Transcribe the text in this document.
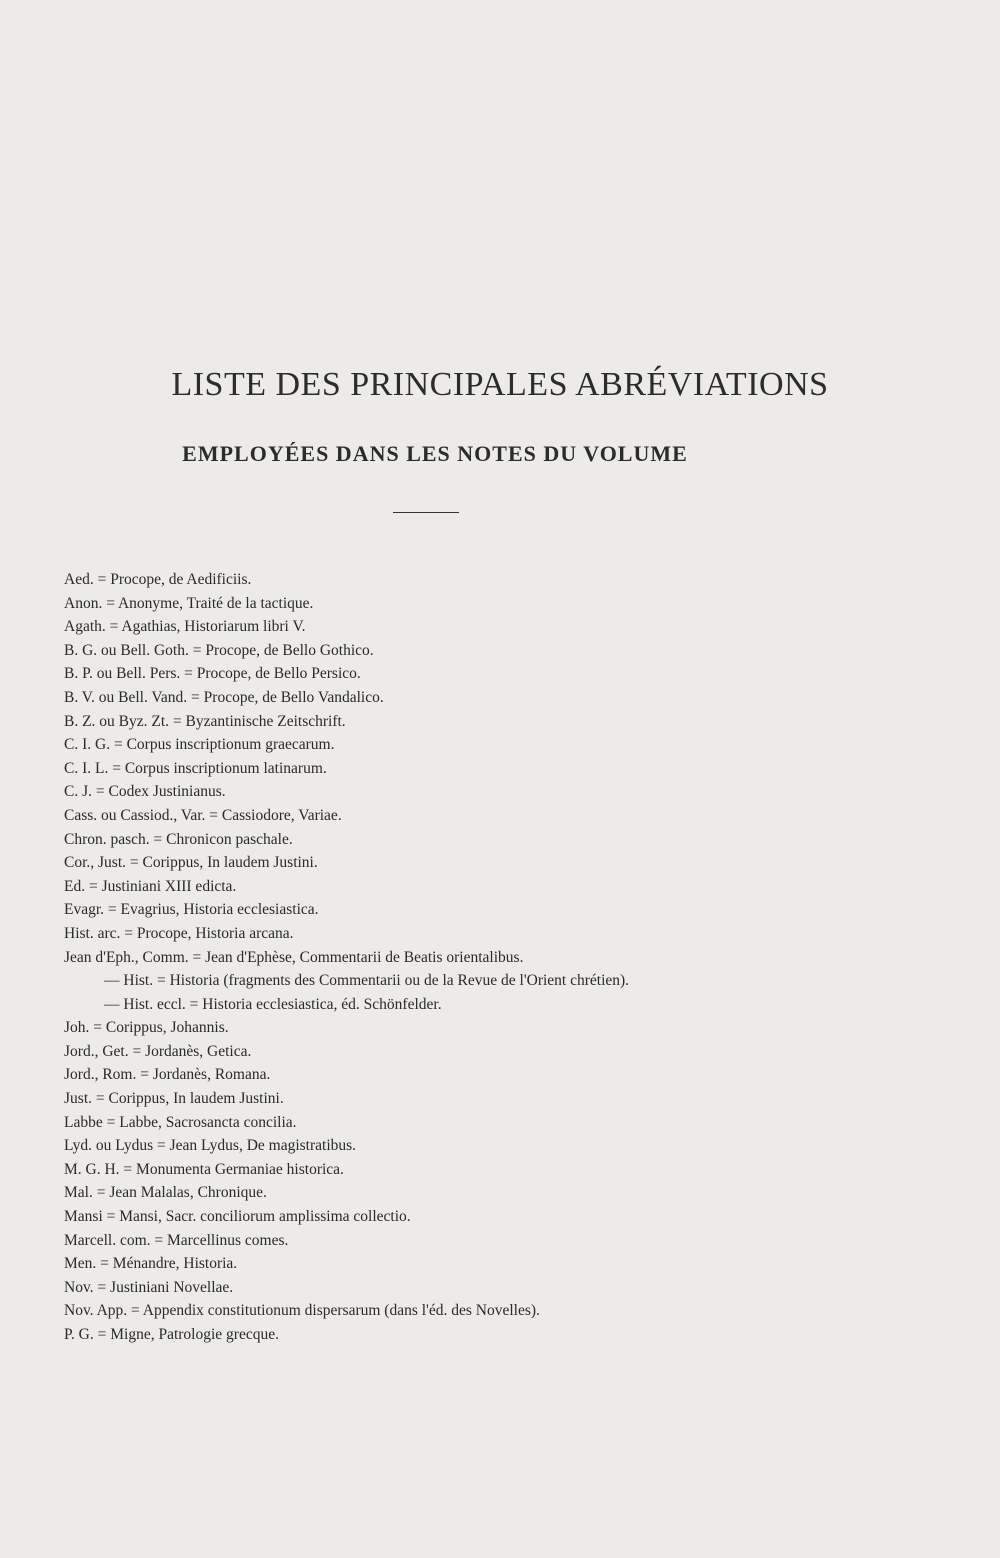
LISTE DES PRINCIPALES ABRÉVIATIONS
EMPLOYÉES DANS LES NOTES DU VOLUME
Aed. = Procope, de Aedificiis.
Anon. = Anonyme, Traité de la tactique.
Agath. = Agathias, Historiarum libri V.
B. G. ou Bell. Goth. = Procope, de Bello Gothico.
B. P. ou Bell. Pers. = Procope, de Bello Persico.
B. V. ou Bell. Vand. = Procope, de Bello Vandalico.
B. Z. ou Byz. Zt. = Byzantinische Zeitschrift.
C. I. G. = Corpus inscriptionum graecarum.
C. I. L. = Corpus inscriptionum latinarum.
C. J. = Codex Justinianus.
Cass. ou Cassiod., Var. = Cassiodore, Variae.
Chron. pasch. = Chronicon paschale.
Cor., Just. = Corippus, In laudem Justini.
Ed. = Justiniani XIII edicta.
Evagr. = Evagrius, Historia ecclesiastica.
Hist. arc. = Procope, Historia arcana.
Jean d'Eph., Comm. = Jean d'Ephèse, Commentarii de Beatis orientalibus.
— Hist. = Historia (fragments des Commentarii ou de la Revue de l'Orient chrétien).
— Hist. eccl. = Historia ecclesiastica, éd. Schönfelder.
Joh. = Corippus, Johannis.
Jord., Get. = Jordanès, Getica.
Jord., Rom. = Jordanès, Romana.
Just. = Corippus, In laudem Justini.
Labbe = Labbe, Sacrosancta concilia.
Lyd. ou Lydus = Jean Lydus, De magistratibus.
M. G. H. = Monumenta Germaniae historica.
Mal. = Jean Malalas, Chronique.
Mansi = Mansi, Sacr. conciliorum amplissima collectio.
Marcell. com. = Marcellinus comes.
Men. = Ménandre, Historia.
Nov. = Justiniani Novellae.
Nov. App. = Appendix constitutionum dispersarum (dans l'éd. des Novelles).
P. G. = Migne, Patrologie grecque.
